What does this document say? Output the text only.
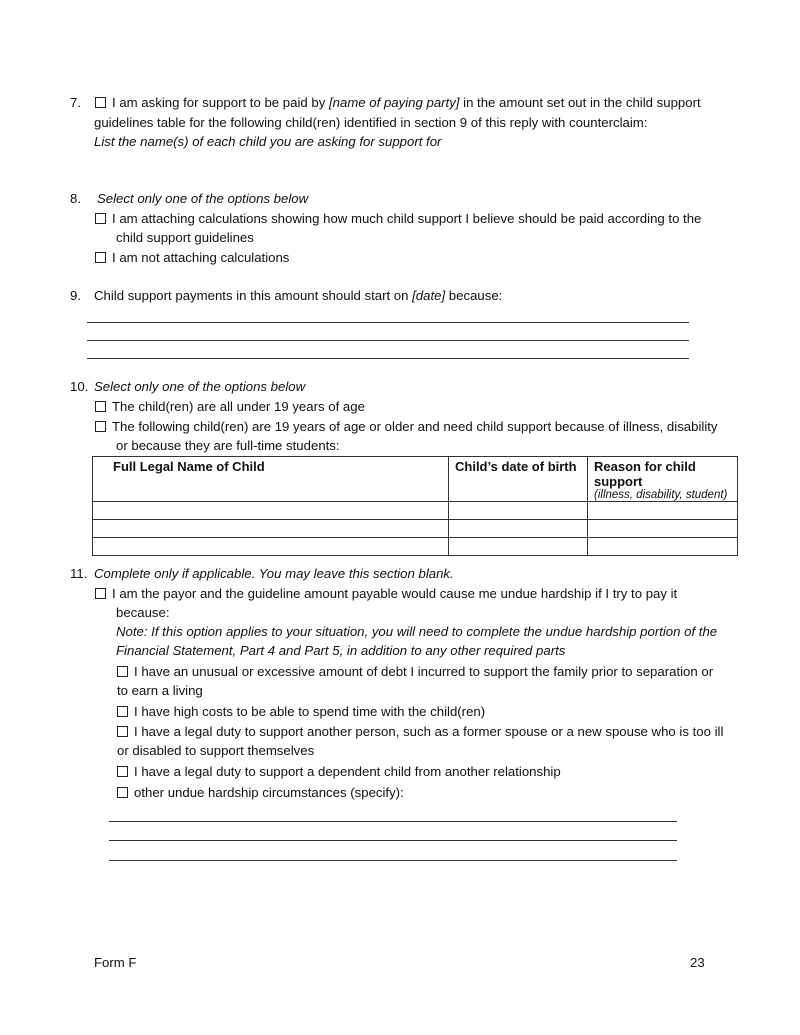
7.	I am asking for support to be paid by [name of paying party] in the amount set out in the child support
guidelines table for the following child(ren) identified in section 9 of this reply with counterclaim:
List the name(s) of each child you are asking for support for
8. Select only one of the options below
I am attaching calculations showing how much child support I believe should be paid according to the
child support guidelines
I am not attaching calculations
9. Child support payments in this amount should start on [date] because:
10. Select only one of the options below
The child(ren) are all under 19 years of age
The following child(ren) are 19 years of age or older and need child support because of illness, disability
or because they are full-time students:
Full Legal Name of Child	Child’s date of birth	Reason for child support
(illness, disability, student)

11. Complete only if applicable. You may leave this section blank.
I am the payor and the guideline amount payable would cause me undue hardship if I try to pay it
because:
Note: If this option applies to your situation, you will need to complete the undue hardship portion of the
Financial Statement, Part 4 and Part 5, in addition to any other required parts
I have an unusual or excessive amount of debt I incurred to support the family prior to separation or
to earn a living
I have high costs to be able to spend time with the child(ren)
I have a legal duty to support another person, such as a former spouse or a new spouse who is too ill
or disabled to support themselves
I have a legal duty to support a dependent child from another relationship
other undue hardship circumstances (specify):
Form F	23
